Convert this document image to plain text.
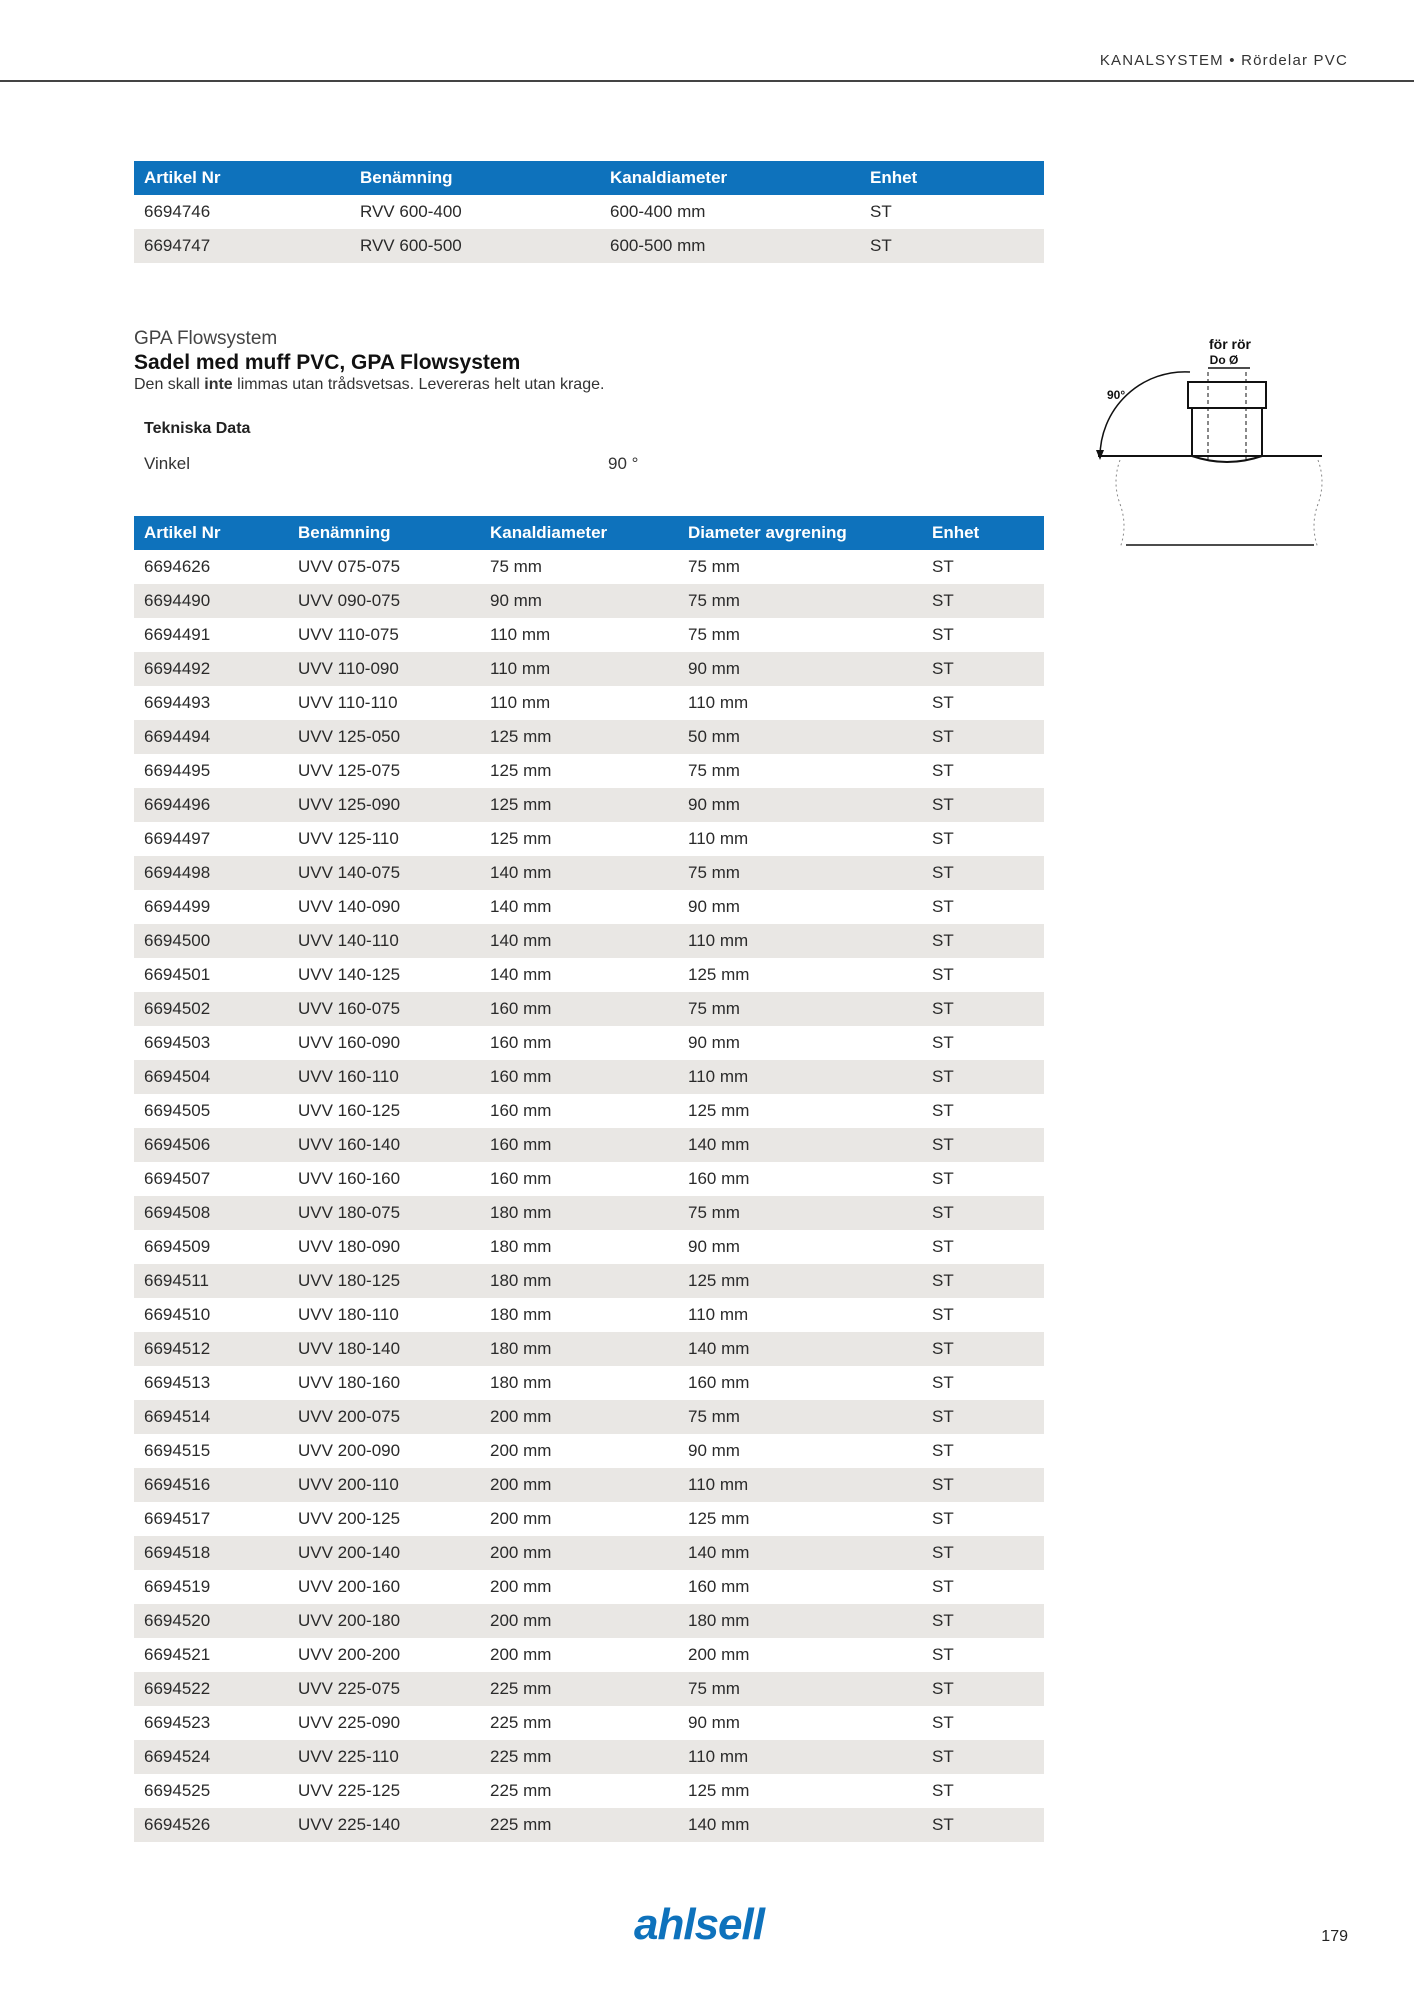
KANALSYSTEM • Rördelar PVC
Artikel Nr	Benämning	Kanaldiameter	Enhet
6694746	RVV 600-400	600-400 mm	ST
6694747	RVV 600-500	600-500 mm	ST
GPA Flowsystem
Sadel med muff PVC, GPA Flowsystem
Den skall inte limmas utan trådsvetsas. Levereras helt utan krage.
Tekniska Data
Vinkel	90 °
för rör
Do Ø
90°
Artikel Nr	Benämning	Kanaldiameter	Diameter avgrening	Enhet
6694626	UVV 075-075	75 mm	75 mm	ST
6694490	UVV 090-075	90 mm	75 mm	ST
6694491	UVV 110-075	110 mm	75 mm	ST
6694492	UVV 110-090	110 mm	90 mm	ST
6694493	UVV 110-110	110 mm	110 mm	ST
6694494	UVV 125-050	125 mm	50 mm	ST
6694495	UVV 125-075	125 mm	75 mm	ST
6694496	UVV 125-090	125 mm	90 mm	ST
6694497	UVV 125-110	125 mm	110 mm	ST
6694498	UVV 140-075	140 mm	75 mm	ST
6694499	UVV 140-090	140 mm	90 mm	ST
6694500	UVV 140-110	140 mm	110 mm	ST
6694501	UVV 140-125	140 mm	125 mm	ST
6694502	UVV 160-075	160 mm	75 mm	ST
6694503	UVV 160-090	160 mm	90 mm	ST
6694504	UVV 160-110	160 mm	110 mm	ST
6694505	UVV 160-125	160 mm	125 mm	ST
6694506	UVV 160-140	160 mm	140 mm	ST
6694507	UVV 160-160	160 mm	160 mm	ST
6694508	UVV 180-075	180 mm	75 mm	ST
6694509	UVV 180-090	180 mm	90 mm	ST
6694511	UVV 180-125	180 mm	125 mm	ST
6694510	UVV 180-110	180 mm	110 mm	ST
6694512	UVV 180-140	180 mm	140 mm	ST
6694513	UVV 180-160	180 mm	160 mm	ST
6694514	UVV 200-075	200 mm	75 mm	ST
6694515	UVV 200-090	200 mm	90 mm	ST
6694516	UVV 200-110	200 mm	110 mm	ST
6694517	UVV 200-125	200 mm	125 mm	ST
6694518	UVV 200-140	200 mm	140 mm	ST
6694519	UVV 200-160	200 mm	160 mm	ST
6694520	UVV 200-180	200 mm	180 mm	ST
6694521	UVV 200-200	200 mm	200 mm	ST
6694522	UVV 225-075	225 mm	75 mm	ST
6694523	UVV 225-090	225 mm	90 mm	ST
6694524	UVV 225-110	225 mm	110 mm	ST
6694525	UVV 225-125	225 mm	125 mm	ST
6694526	UVV 225-140	225 mm	140 mm	ST
ahlsell	179
